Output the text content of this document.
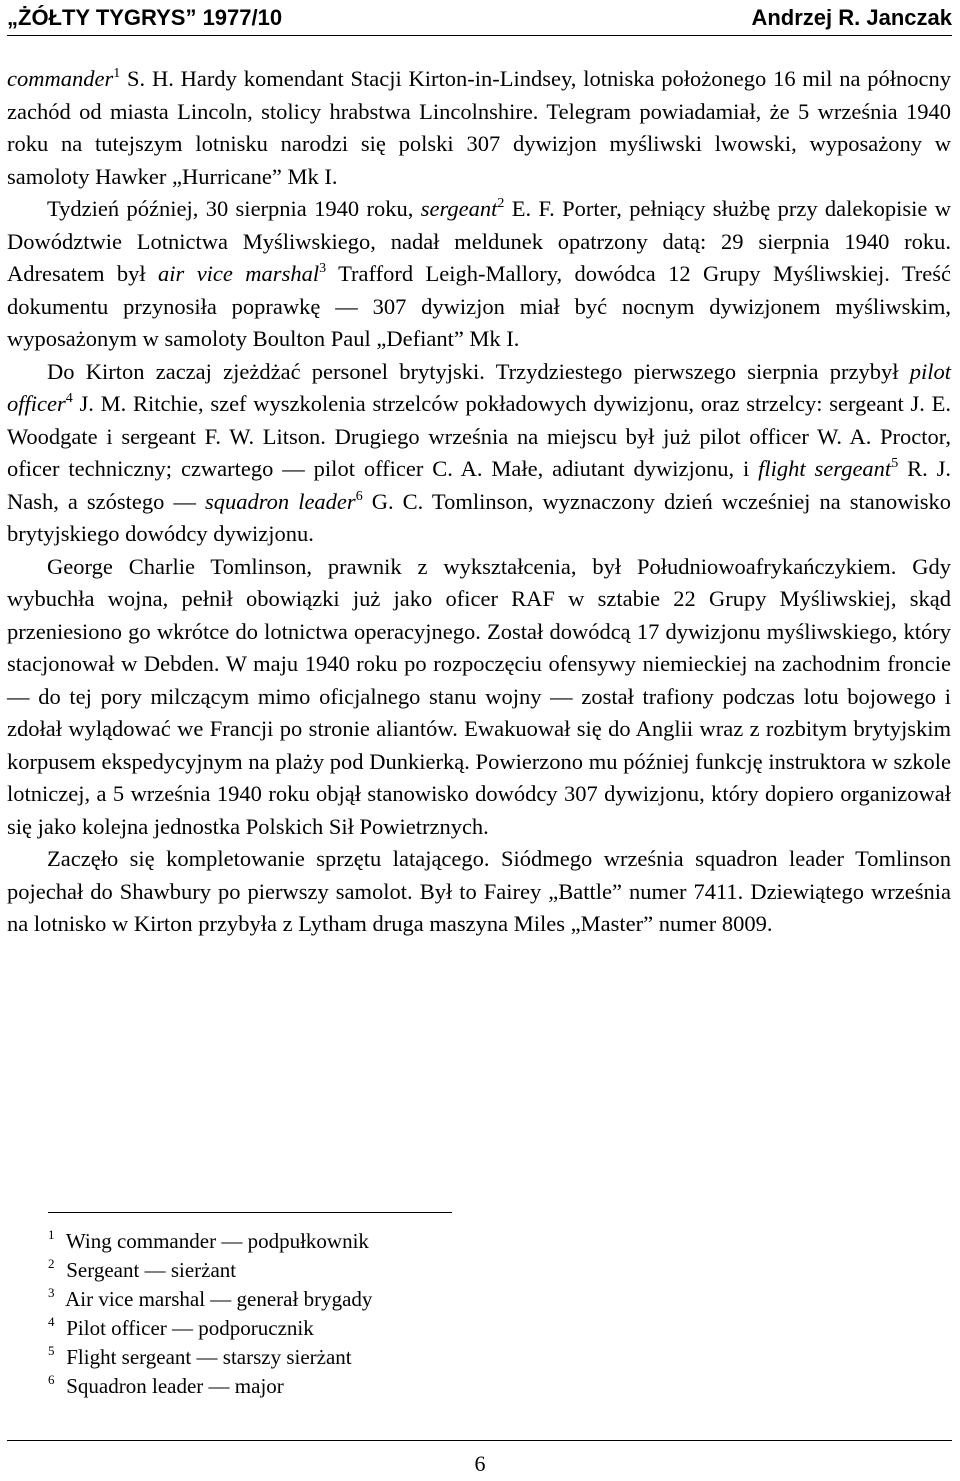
„ŻÓŁTY TYGRYS” 1977/10	Andrzej R. Janczak

commander$^1$ S. H. Hardy komendant Stacji Kirton-in-Lindsey, lotniska położonego 16 mil na północny zachód od miasta Lincoln, stolicy hrabstwa Lincolnshire. Telegram powiadamiał, że 5 września 1940 roku na tutejszym lotnisku narodzi się polski 307 dywizjon myśliwski lwowski, wyposażony w samoloty Hawker „Hurricane” Mk I.

Tydzień później, 30 sierpnia 1940 roku, sergeant$^2$ E. F. Porter, pełniący służbę przy dalekopisie w Dowództwie Lotnictwa Myśliwskiego, nadał meldunek opatrzony datą: 29 sierpnia 1940 roku. Adresatem był air vice marshal$^3$ Trafford Leigh-Mallory, dowódca 12 Grupy Myśliwskiej. Treść dokumentu przynosiła poprawkę — 307 dywizjon miał być nocnym dywizjonem myśliwskim, wyposażonym w samoloty Boulton Paul „Defiant” Mk I.

Do Kirton zaczaj zjeżdżać personel brytyjski. Trzydziestego pierwszego sierpnia przybył pilot officer$^4$ J. M. Ritchie, szef wyszkolenia strzelców pokładowych dywizjonu, oraz strzelcy: sergeant J. E. Woodgate i sergeant F. W. Litson. Drugiego września na miejscu był już pilot officer W. A. Proctor, oficer techniczny; czwartego — pilot officer C. A. Małe, adiutant dywizjonu, i flight sergeant$^5$ R. J. Nash, a szóstego — squadron leader$^6$ G. C. Tomlinson, wyznaczony dzień wcześniej na stanowisko brytyjskiego dowódcy dywizjonu.

George Charlie Tomlinson, prawnik z wykształcenia, był Południowoafrykańczykiem. Gdy wybuchła wojna, pełnił obowiązki już jako oficer RAF w sztabie 22 Grupy Myśliwskiej, skąd przeniesiono go wkrótce do lotnictwa operacyjnego. Został dowódcą 17 dywizjonu myśliwskiego, który stacjonował w Debden. W maju 1940 roku po rozpoczęciu ofensywy niemieckiej na zachodnim froncie — do tej pory milczącym mimo oficjalnego stanu wojny — został trafiony podczas lotu bojowego i zdołał wylądować we Francji po stronie aliantów. Ewakuował się do Anglii wraz z rozbitym brytyjskim korpusem ekspedycyjnym na plaży pod Dunkierką. Powierzono mu później funkcję instruktora w szkole lotniczej, a 5 września 1940 roku objął stanowisko dowódcy 307 dywizjonu, który dopiero organizował się jako kolejna jednostka Polskich Sił Powietrznych.

Zaczęło się kompletowanie sprzętu latającego. Siódmego września squadron leader Tomlinson pojechał do Shawbury po pierwszy samolot. Był to Fairey „Battle” numer 7411. Dziewiątego września na lotnisko w Kirton przybyła z Lytham druga maszyna Miles „Master” numer 8009.

1 Wing commander — podpułkownik
2 Sergeant — sierżant
3 Air vice marshal — generał brygady
4 Pilot officer — podporucznik
5 Flight sergeant — starszy sierżant
6 Squadron leader — major
6
